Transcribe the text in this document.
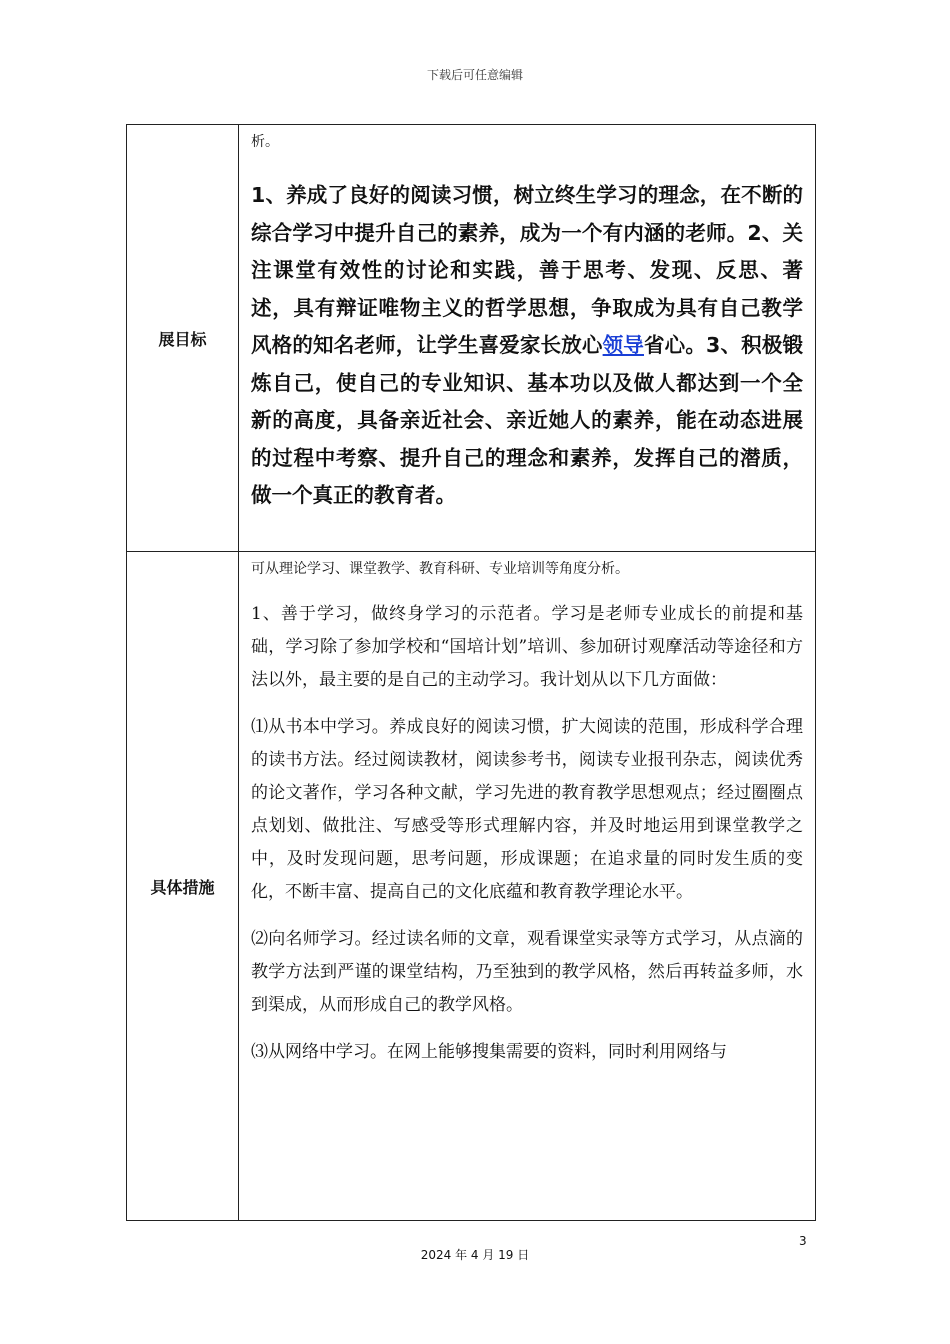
下载后可任意编辑
展目标	析。

1、养成了良好的阅读习惯，树立终生学习的理念，在不断的综合学习中提升自己的素养，成为一个有内涵的老师。2、关注课堂有效性的讨论和实践，善于思考、发现、反思、著述，具有辩证唯物主义的哲学思想，争取成为具有自己教学风格的知名老师，让学生喜爱家长放心领导省心。3、积极锻炼自己，使自己的专业知识、基本功以及做人都达到一个全新的高度，具备亲近社会、亲近她人的素养，能在动态进展的过程中考察、提升自己的理念和素养，发挥自己的潜质，做一个真正的教育者。

具体措施	可从理论学习、课堂教学、教育科研、专业培训等角度分析。

1、善于学习，做终身学习的示范者。学习是老师专业成长的前提和基础，学习除了参加学校和“国培计划”培训、参加研讨观摩活动等途径和方法以外，最主要的是自己的主动学习。我计划从以下几方面做：

⑴从书本中学习。养成良好的阅读习惯，扩大阅读的范围，形成科学合理的读书方法。经过阅读教材，阅读参考书，阅读专业报刊杂志，阅读优秀的论文著作，学习各种文献，学习先进的教育教学思想观点；经过圈圈点点划划、做批注、写感受等形式理解内容，并及时地运用到课堂教学之中，及时发现问题，思考问题，形成课题；在追求量的同时发生质的变化，不断丰富、提高自己的文化底蕴和教育教学理论水平。

⑵向名师学习。经过读名师的文章，观看课堂实录等方式学习，从点滴的教学方法到严谨的课堂结构，乃至独到的教学风格，然后再转益多师，水到渠成，从而形成自己的教学风格。

⑶从网络中学习。在网上能够搜集需要的资料，同时利用网络与

3
2024 年 4 月 19 日
